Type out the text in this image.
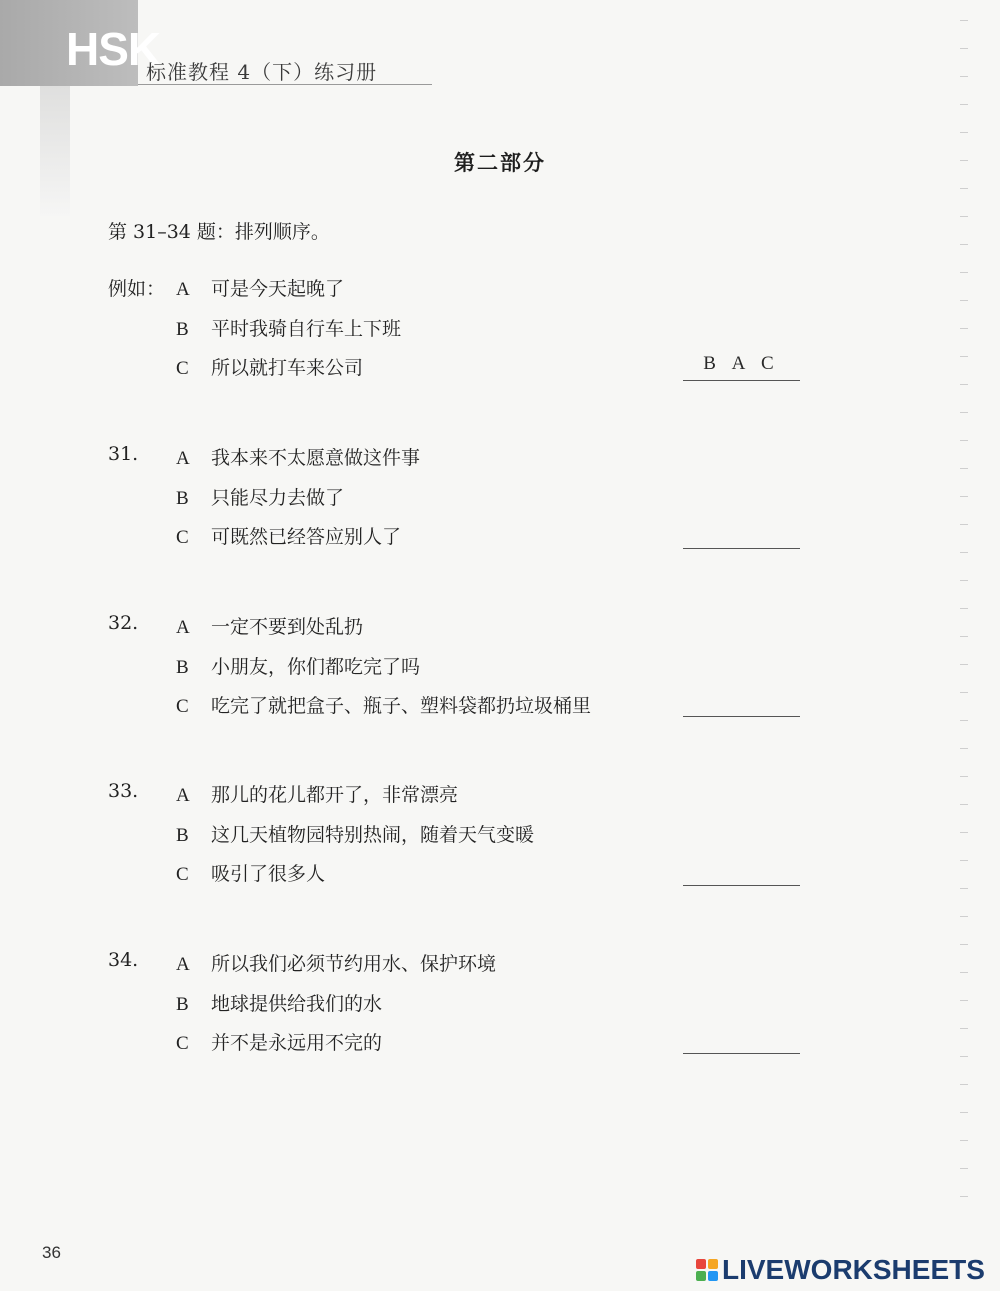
HSK
标准教程 4（下）练习册
第二部分
第 31–34 题：排列顺序。
例如： A 可是今天起晚了
B 平时我骑自行车上下班
C 所以就打车来公司	B A C
31. A 我本来不太愿意做这件事
B 只能尽力去做了
C 可既然已经答应别人了
32. A 一定不要到处乱扔
B 小朋友，你们都吃完了吗
C 吃完了就把盒子、瓶子、塑料袋都扔垃圾桶里
33. A 那儿的花儿都开了，非常漂亮
B 这几天植物园特别热闹，随着天气变暖
C 吸引了很多人
34. A 所以我们必须节约用水、保护环境
B 地球提供给我们的水
C 并不是永远用不完的
36
LIVEWORKSHEETS
